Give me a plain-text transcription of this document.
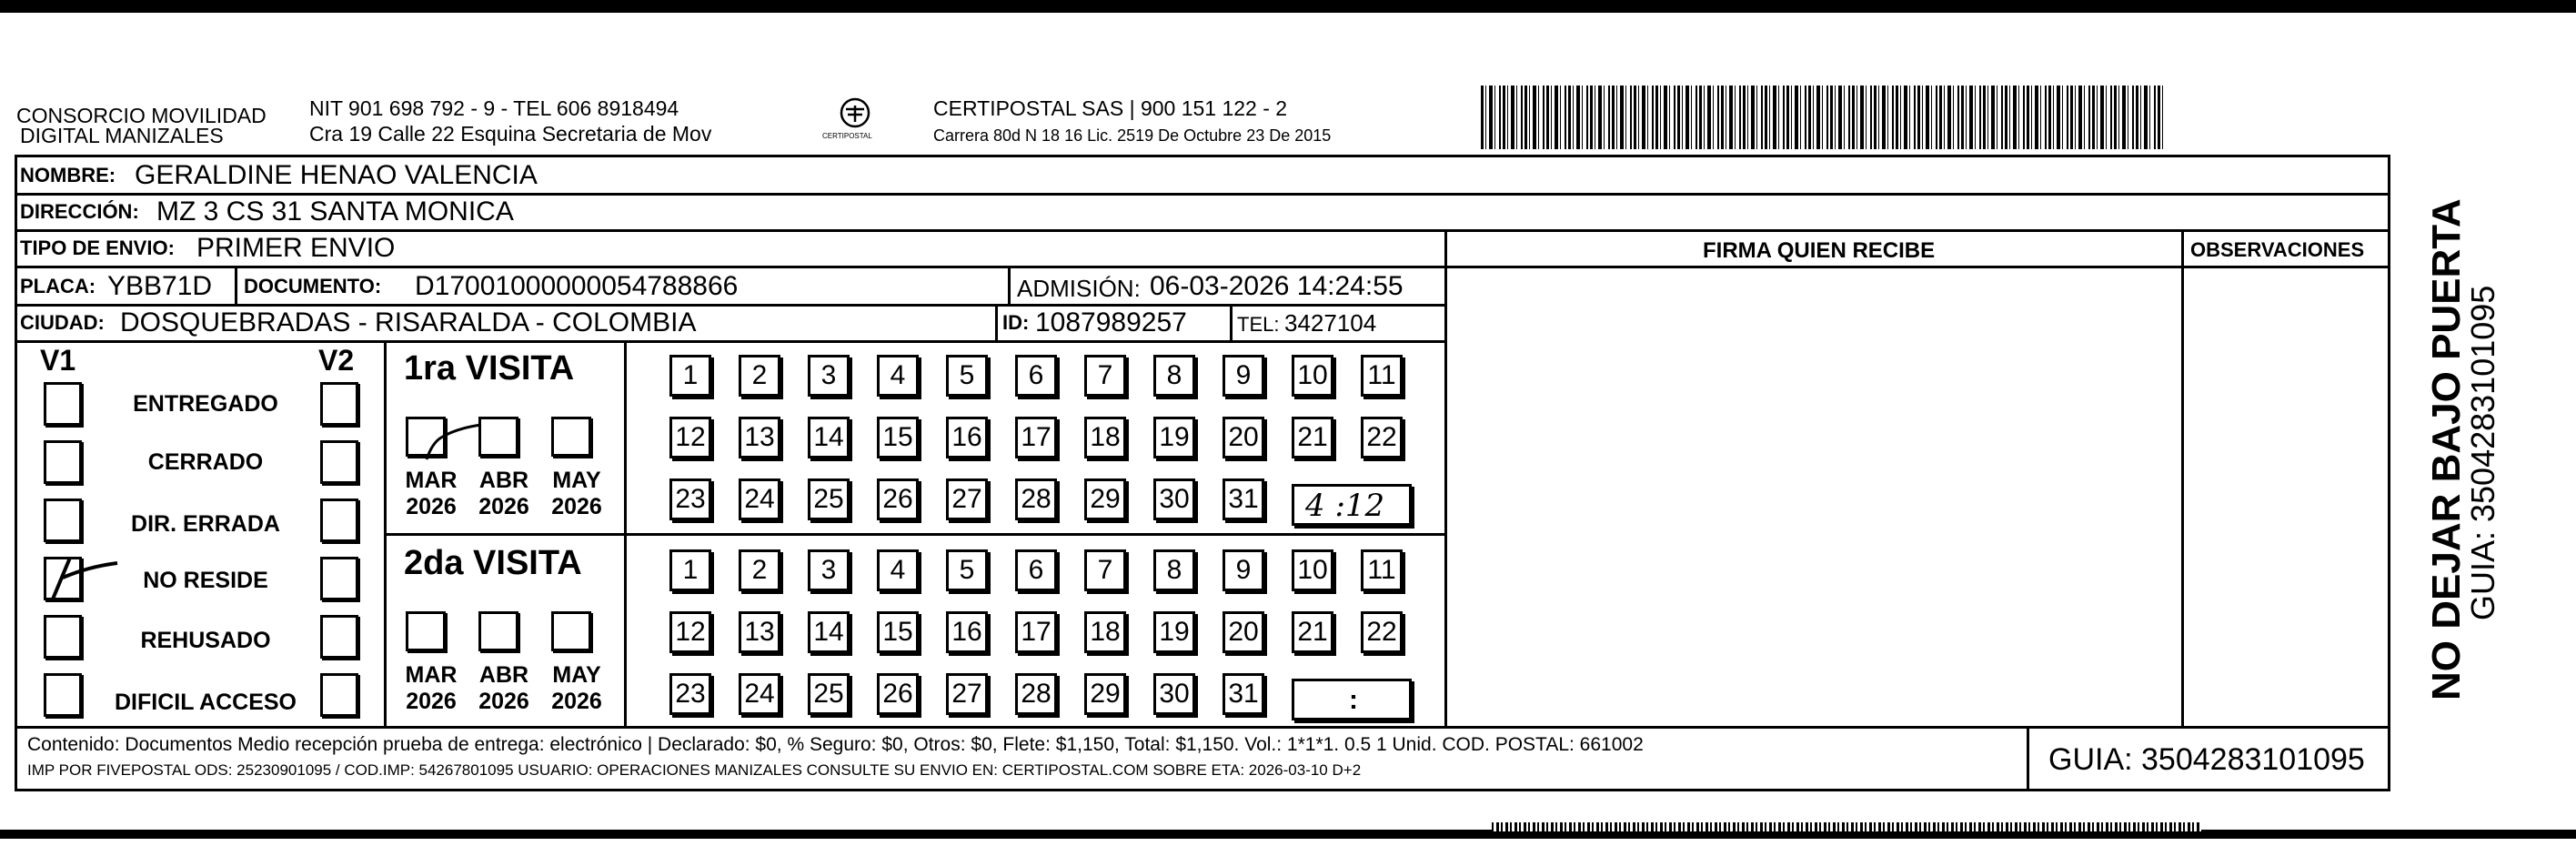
CONSORCIO MOVILIDAD
DIGITAL MANIZALES
NIT 901 698 792 - 9 - TEL 606 8918494
Cra 19 Calle 22 Esquina Secretaria de Mov	CERTIPOSTAL
CERTIPOSTAL SAS | 900 151 122 - 2
Carrera 80d N 18 16 Lic. 2519 De Octubre 23 De 2015
NOMBRE: GERALDINE HENAO VALENCIA
DIRECCIÓN: MZ 3 CS 31 SANTA MONICA
TIPO DE ENVIO: PRIMER ENVIO	FIRMA QUIEN RECIBE	OBSERVACIONES
PLACA: YBB71D DOCUMENTO: D17001000000054788866	ADMISIÓN: 06-03-2026 14:24:55
CIUDAD: DOSQUEBRADAS - RISARALDA - COLOMBIA	ID: 1087989257	TEL: 3427104
V1	V2
ENTREGADO
CERRADO
DIR. ERRADA
NO RESIDE
REHUSADO
DIFICIL ACCESO
1ra VISITA
MAR
2026
ABR
2026
MAY
2026
2da VISITA
MAR
2026
ABR
2026
MAY
2026
1	2	3	4	5	6	7	8	9	10 11
12 13 14 15 16 17 18 19 20 21 22
23 24 25 26 27 28 29 30 31
1	2	3	4	5	6	7	8	9	10 11
12 13 14 15 16 17 18 19 20 21 22
23 24 25 26 27 28 29 30 31
4 :12
:
Contenido: Documentos Medio recepción prueba de entrega: electrónico | Declarado: $0, % Seguro: $0, Otros: $0, Flete: $1,150, Total: $1,150. Vol.: 1*1*1. 0.5 1 Unid. COD. POSTAL: 661002
IMP POR FIVEPOSTAL ODS: 25230901095 / COD.IMP: 54267801095 USUARIO: OPERACIONES MANIZALES CONSULTE SU ENVIO EN: CERTIPOSTAL.COM SOBRE ETA: 2026-03-10 D+2	GUIA: 3504283101095
NO DEJAR BAJO PUERTA
GUIA: 3504283101095
